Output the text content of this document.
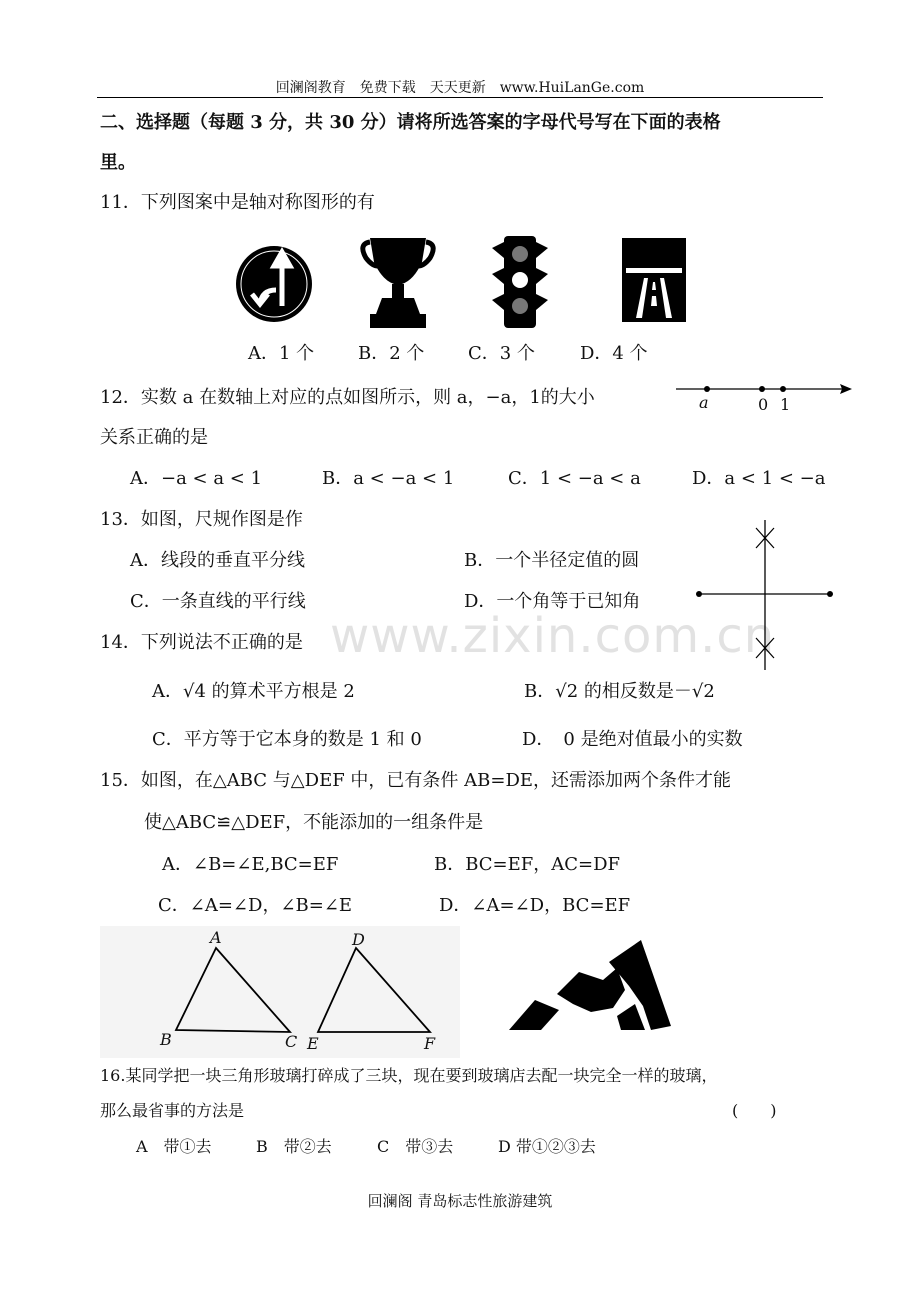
回澜阁教育　免费下载　天天更新　www.HuiLanGe.com
www.zixin.com.cn
二、选择题（每题 3 分，共 30 分）请将所选答案的字母代号写在下面的表格
里。
11．下列图案中是轴对称图形的有
A．1 个 B．2 个 C．3 个	D．4 个
12．实数 a 在数轴上对应的点如图所示，则 a，−a，1的大小
关系正确的是
a	0 1
A．−a < a < 1	B．a < −a < 1	C．1 < −a < a	D．a < 1 < −a
13．如图，尺规作图是作
A．线段的垂直平分线	B．一个半径定值的圆
C．一条直线的平行线	D．一个角等于已知角
14．下列说法不正确的是
A．√4 的算术平方根是 2	B．√2 的相反数是－√2
C．平方等于它本身的数是 1 和 0	D．　0 是绝对值最小的实数
15．如图，在△ABC 与△DEF 中，已有条件 AB=DE，还需添加两个条件才能
使△ABC≌△DEF，不能添加的一组条件是
A．∠B=∠E,BC=EF	B．BC=EF，AC=DF
C．∠A=∠D，∠B=∠E	D．∠A=∠D，BC=EF
A
B	C
D
E	F
16.某同学把一块三角形玻璃打碎成了三块，现在要到玻璃店去配一块完全一样的玻璃，
那么最省事的方法是	(　　)
A　带①去	B　带②去	C　带③去	D 带①②③去
回澜阁 青岛标志性旅游建筑
